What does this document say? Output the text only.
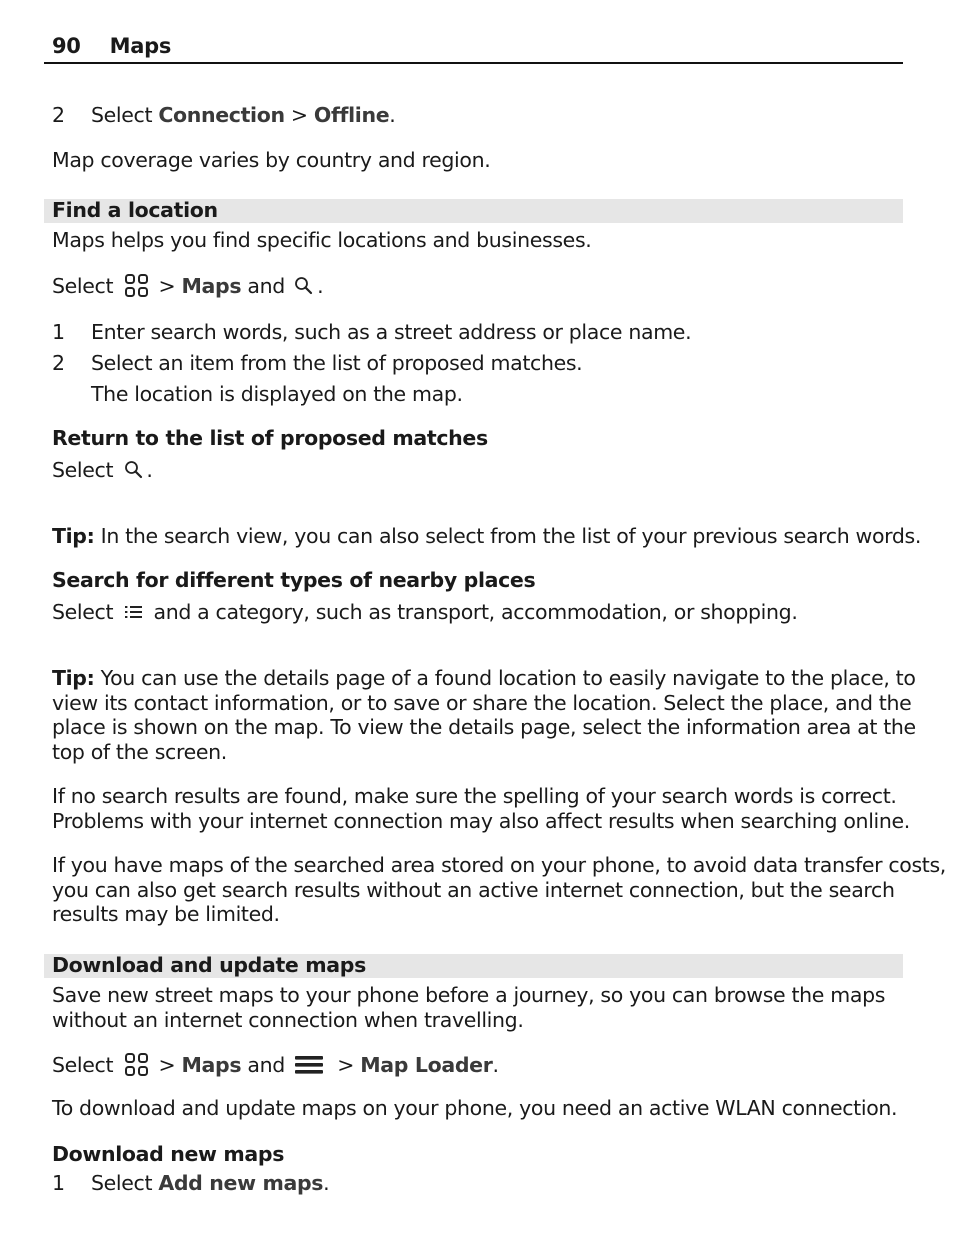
90 Maps
2 Select Connection > Offline.
Map coverage varies by country and region.
Find a location
Maps helps you find specific locations and businesses.
Select  > Maps and .
1 Enter search words, such as a street address or place name.
2 Select an item from the list of proposed matches.
The location is displayed on the map.
Return to the list of proposed matches
Select .
Tip: In the search view, you can also select from the list of your previous search words.
Search for different types of nearby places
Select  and a category, such as transport, accommodation, or shopping.
Tip: You can use the details page of a found location to easily navigate to the place, to
view its contact information, or to save or share the location. Select the place, and the
place is shown on the map. To view the details page, select the information area at the
top of the screen.
If no search results are found, make sure the spelling of your search words is correct.
Problems with your internet connection may also affect results when searching online.
If you have maps of the searched area stored on your phone, to avoid data transfer costs,
you can also get search results without an active internet connection, but the search
results may be limited.
Download and update maps
Save new street maps to your phone before a journey, so you can browse the maps
without an internet connection when travelling.
Select  > Maps and  > Map Loader.
To download and update maps on your phone, you need an active WLAN connection.
Download new maps
1 Select Add new maps.
